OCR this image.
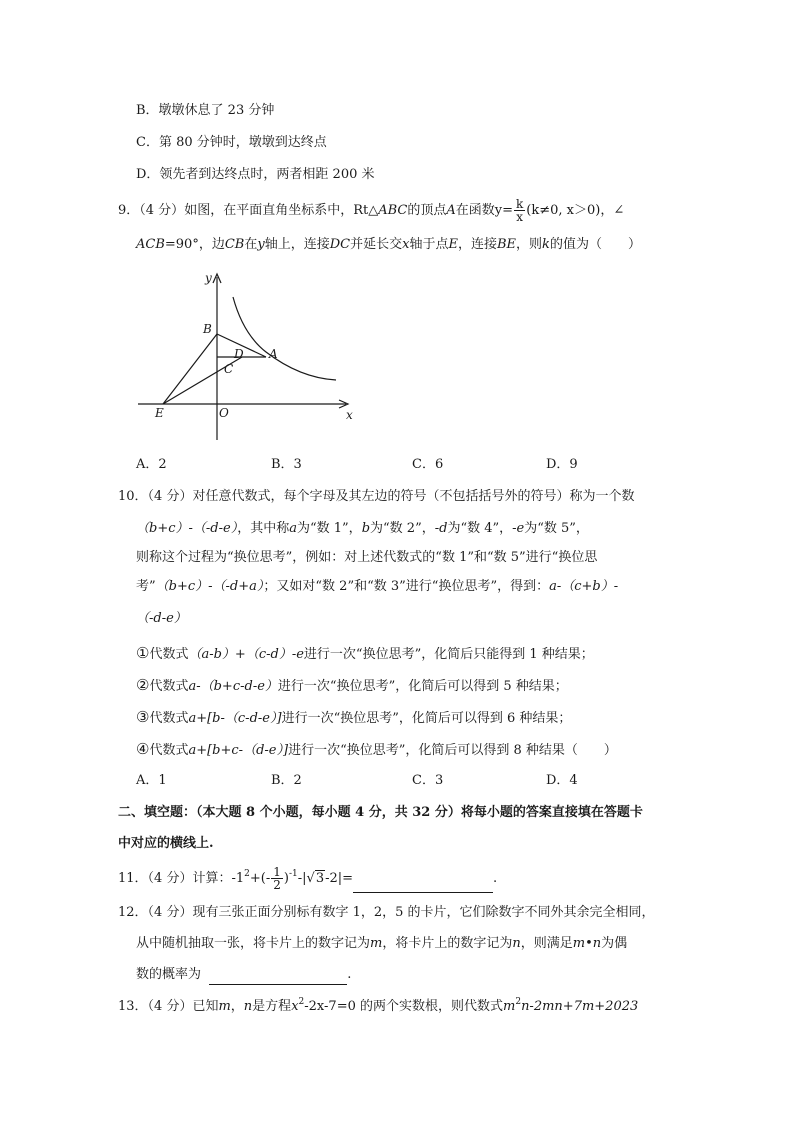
B．墩墩休息了 23 分钟
C．第 80 分钟时，墩墩到达终点
D．领先者到达终点时，两者相距 200 米
9．（4 分）如图，在平面直角坐标系中，Rt△ABC的顶点A在函数$y= \frac{k}{x} (k\ne 0$, x＞0)，∠
ACB=90°，边CB在y轴上，连接DC并延长交x轴于点E，连接BE，则k的值为（　　）
y
x
B
D A
C
E	O
A．2	B．3	C．6	D．9
10．（4 分）对任意代数式，每个字母及其左边的符号（不包括括号外的符号）称为一个数
（b+c）-（-d-e），其中称a为“数 1”，b为“数 2”，-d为“数 4”，-e为“数 5”，
则称这个过程为“换位思考”，例如：对上述代数式的“数 1”和“数 5”进行“换位思
考”（b+c）-（-d+a）；又如对“数 2”和“数 3”进行“换位思考”，得到：a-（c+b）-
（-d-e）
①代数式（a-b）+（c-d）-e进行一次“换位思考”，化简后只能得到 1 种结果；
②代数式a-（b+c-d-e）进行一次“换位思考”，化简后可以得到 5 种结果；
③代数式a+[b-（c-d-e）]进行一次“换位思考”，化简后可以得到 6 种结果；
④代数式a+[b+c-（d-e）]进行一次“换位思考”，化简后可以得到 8 种结果（　　）
A．1	B．2	C．3	D．4
二、填空题：（本大题 8 个小题，每小题 4 分，共 32 分）将每小题的答案直接填在答题卡
中对应的横线上.
11．（4 分）计算：$-1^2+(- \frac{1}{2} )^{-1}-|√3-2|=$	.
12．（4 分）现有三张正面分别标有数字 1，2，5 的卡片，它们除数字不同外其余完全相同，
从中随机抽取一张，将卡片上的数字记为m，将卡片上的数字记为n，则满足m•n为偶
数的概率为	.
13．（4 分）已知m，n是方程$x^2-2x-7=0$ 的两个实数根，则代数式$m^2n-2mn+7m+2023$
